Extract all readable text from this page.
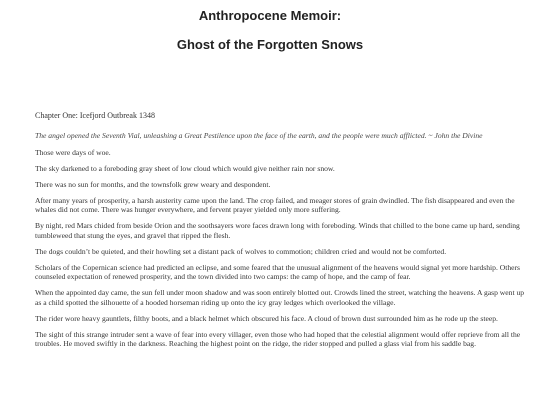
Anthropocene Memoir:

Ghost of the Forgotten Snows

Chapter One: Icefjord Outbreak 1348

The angel opened the Seventh Vial, unleashing a Great Pestilence upon the face of the earth, and the people were much afflicted. ~ John the Divine

Those were days of woe.

The sky darkened to a foreboding gray sheet of low cloud which would give neither rain nor snow.

There was no sun for months, and the townsfolk grew weary and despondent.

After many years of prosperity, a harsh austerity came upon the land. The crop failed, and meager stores of grain dwindled. The fish disappeared and even the whales did not come. There was hunger everywhere, and fervent prayer yielded only more suffering.

By night, red Mars chided from beside Orion and the soothsayers wore faces drawn long with foreboding. Winds that chilled to the bone came up hard, sending tumbleweed that stung the eyes, and gravel that ripped the flesh.

The dogs couldn’t be quieted, and their howling set a distant pack of wolves to commotion; children cried and would not be comforted.

Scholars of the Copernican science had predicted an eclipse, and some feared that the unusual alignment of the heavens would signal yet more hardship. Others counseled expectation of renewed prosperity, and the town divided into two camps: the camp of hope, and the camp of fear.

When the appointed day came, the sun fell under moon shadow and was soon entirely blotted out. Crowds lined the street, watching the heavens. A gasp went up as a child spotted the silhouette of a hooded horseman riding up onto the icy gray ledges which overlooked the village.

The rider wore heavy gauntlets, filthy boots, and a black helmet which obscured his face. A cloud of brown dust surrounded him as he rode up the steep.

The sight of this strange intruder sent a wave of fear into every villager, even those who had hoped that the celestial alignment would offer reprieve from all the troubles. He moved swiftly in the darkness. Reaching the highest point on the ridge, the rider stopped and pulled a glass vial from his saddle bag.
